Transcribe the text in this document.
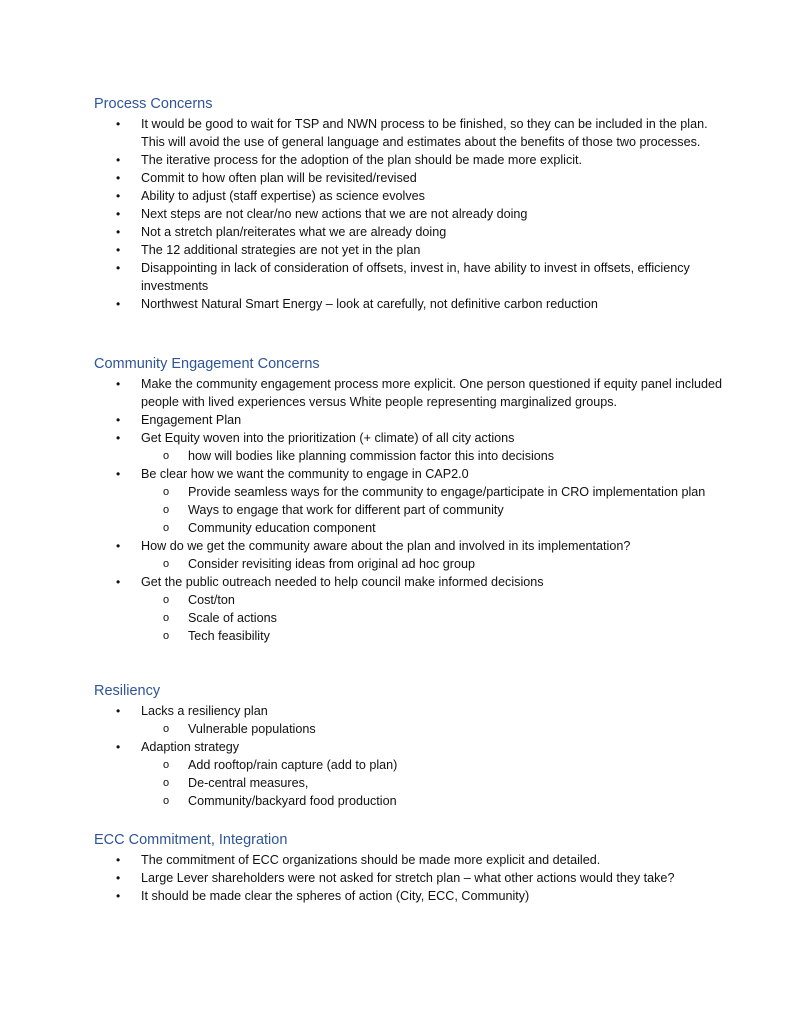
Process Concerns
• It would be good to wait for TSP and NWN process to be finished, so they can be included in the plan. This will avoid the use of general language and estimates about the benefits of those two processes.
• The iterative process for the adoption of the plan should be made more explicit.
• Commit to how often plan will be revisited/revised
• Ability to adjust (staff expertise) as science evolves
• Next steps are not clear/no new actions that we are not already doing
• Not a stretch plan/reiterates what we are already doing
• The 12 additional strategies are not yet in the plan
• Disappointing in lack of consideration of offsets, invest in, have ability to invest in offsets, efficiency investments
• Northwest Natural Smart Energy – look at carefully, not definitive carbon reduction
Community Engagement Concerns
• Make the community engagement process more explicit. One person questioned if equity panel included people with lived experiences versus White people representing marginalized groups.
• Engagement Plan
• Get Equity woven into the prioritization (+ climate) of all city actions
o how will bodies like planning commission factor this into decisions
• Be clear how we want the community to engage in CAP2.0
o Provide seamless ways for the community to engage/participate in CRO implementation plan
o Ways to engage that work for different part of community
o Community education component
• How do we get the community aware about the plan and involved in its implementation?
o Consider revisiting ideas from original ad hoc group
• Get the public outreach needed to help council make informed decisions
o Cost/ton
o Scale of actions
o Tech feasibility
Resiliency
• Lacks a resiliency plan
o Vulnerable populations
• Adaption strategy
o Add rooftop/rain capture (add to plan)
o De-central measures,
o Community/backyard food production
ECC Commitment, Integration
• The commitment of ECC organizations should be made more explicit and detailed.
• Large Lever shareholders were not asked for stretch plan – what other actions would they take?
• It should be made clear the spheres of action (City, ECC, Community)
